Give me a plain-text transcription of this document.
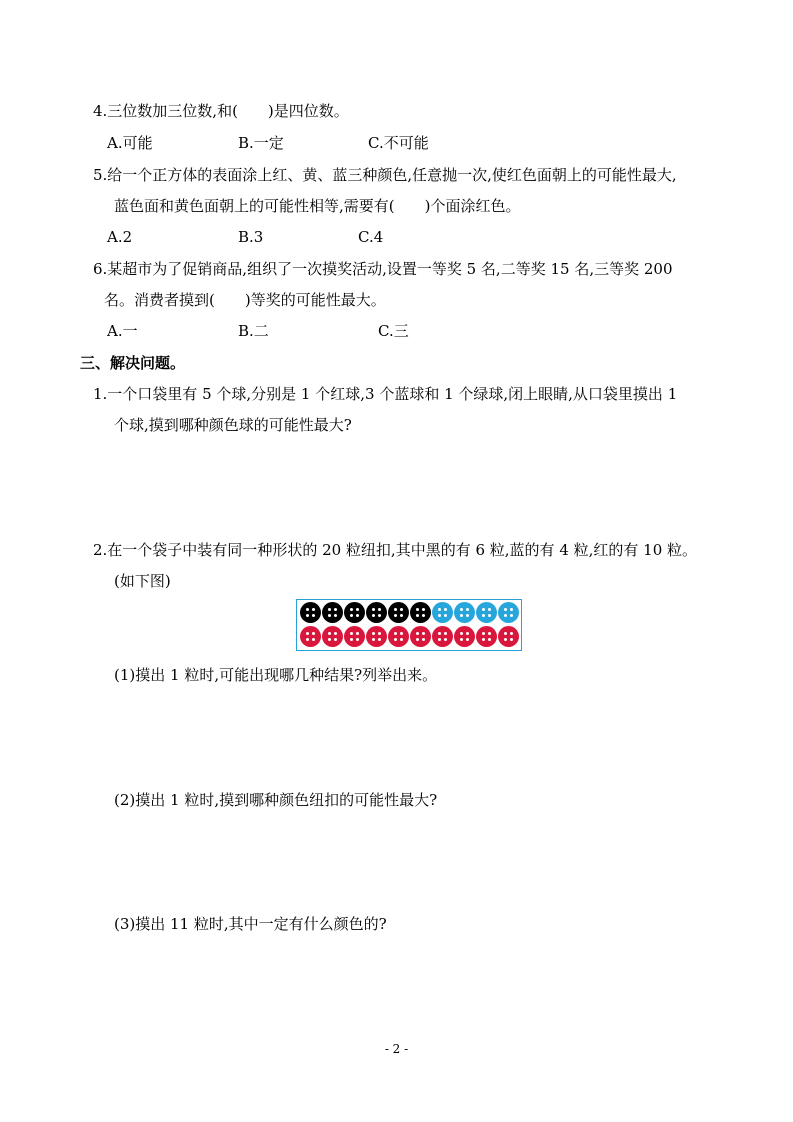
4.三位数加三位数,和(　　)是四位数。
A.可能	B.一定	C.不可能
5.给一个正方体的表面涂上红、黄、蓝三种颜色,任意抛一次,使红色面朝上的可能性最大,
蓝色面和黄色面朝上的可能性相等,需要有(　　)个面涂红色。
A.2	B.3	C.4
6.某超市为了促销商品,组织了一次摸奖活动,设置一等奖 5 名,二等奖 15 名,三等奖 200
名。消费者摸到(　　)等奖的可能性最大。
A.一	B.二	C.三
三、解决问题。
1.一个口袋里有 5 个球,分别是 1 个红球,3 个蓝球和 1 个绿球,闭上眼睛,从口袋里摸出 1
个球,摸到哪种颜色球的可能性最大?
2.在一个袋子中装有同一种形状的 20 粒纽扣,其中黑的有 6 粒,蓝的有 4 粒,红的有 10 粒。
(如下图)
(1)摸出 1 粒时,可能出现哪几种结果?列举出来。
(2)摸出 1 粒时,摸到哪种颜色纽扣的可能性最大?
(3)摸出 11 粒时,其中一定有什么颜色的?
- 2 -
